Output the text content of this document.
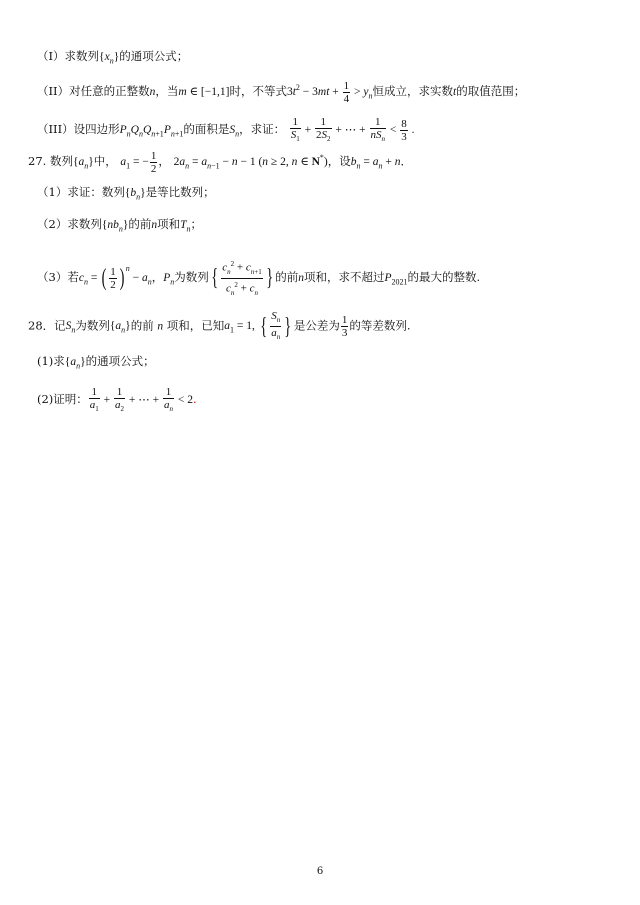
（I）求数列$\{x_n\}$的通项公式；
（II）对任意的正整数n，当m ∈ [−1,1]时，不等式$3t^2 - 3mt + \frac{1}{4} > y_n$恒成立，求实数t的取值范围；
（III）设四边形$P_nQ_nQ_{n+1}P_{n+1}$的面积是$S_n$，求证： $\frac{1}{S_1} + \frac{1}{2S_2}$ + ⋯ + $\frac{1}{nS_n} < \frac{8}{3}$ .
27. 数列$\{a_n\}$中， $a_1$ = − $\frac{1}{2}$ ， $2a_n = a_{n-1} - n - 1$ (n ≥ 2, n ∈ N*)，设$b_n = a_n + n$．
（1）求证：数列$\{b_n\}$是等比数列；
（2）求数列$\{nb_n\}$的前n项和$T_n$；
（3）若$c_n$ = ( $\frac{1}{2}$ ) $^n - a_n$，$P_n$为数列{ $\frac{c_n^2 + c_{n+1}}{c_n^2 + c_n}$ } 的前n项和，求不超过$P_{2021}$的最大的整数.
28．记$S_n$为数列$\{a_n\}$的前 n 项和，已知$a_1 = 1$, { $\frac{S_n}{a_n}$ } 是公差为 $\frac{1}{3}$ 的等差数列.
(1)求$\{a_n\}$的通项公式；
(2)证明： $\frac{1}{a_1} + \frac{1}{a_2}$ + ⋯ + $\frac{1}{a_n} < 2$.
6
